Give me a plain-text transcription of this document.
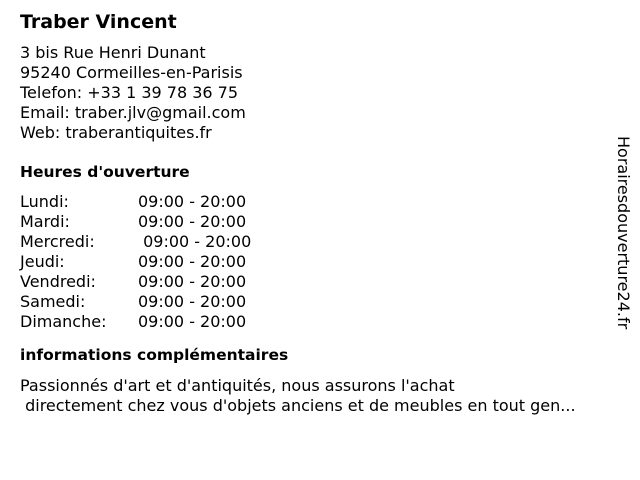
Traber Vincent
3 bis Rue Henri Dunant
95240 Cormeilles-en-Parisis
Telefon: +33 1 39 78 36 75
Email: traber.jlv@gmail.com
Web: traberantiquites.fr
Heures d'ouverture
Lundi:	09:00 - 20:00
Mardi:	09:00 - 20:00
Mercredi:	09:00 - 20:00
Jeudi:	09:00 - 20:00
Vendredi:	09:00 - 20:00
Samedi:	09:00 - 20:00
Dimanche:	09:00 - 20:00
informations complémentaires
Passionnés d'art et d'antiquités, nous assurons l'achat
directement chez vous d'objets anciens et de meubles en tout gen...
Horairesdouverture24.fr
